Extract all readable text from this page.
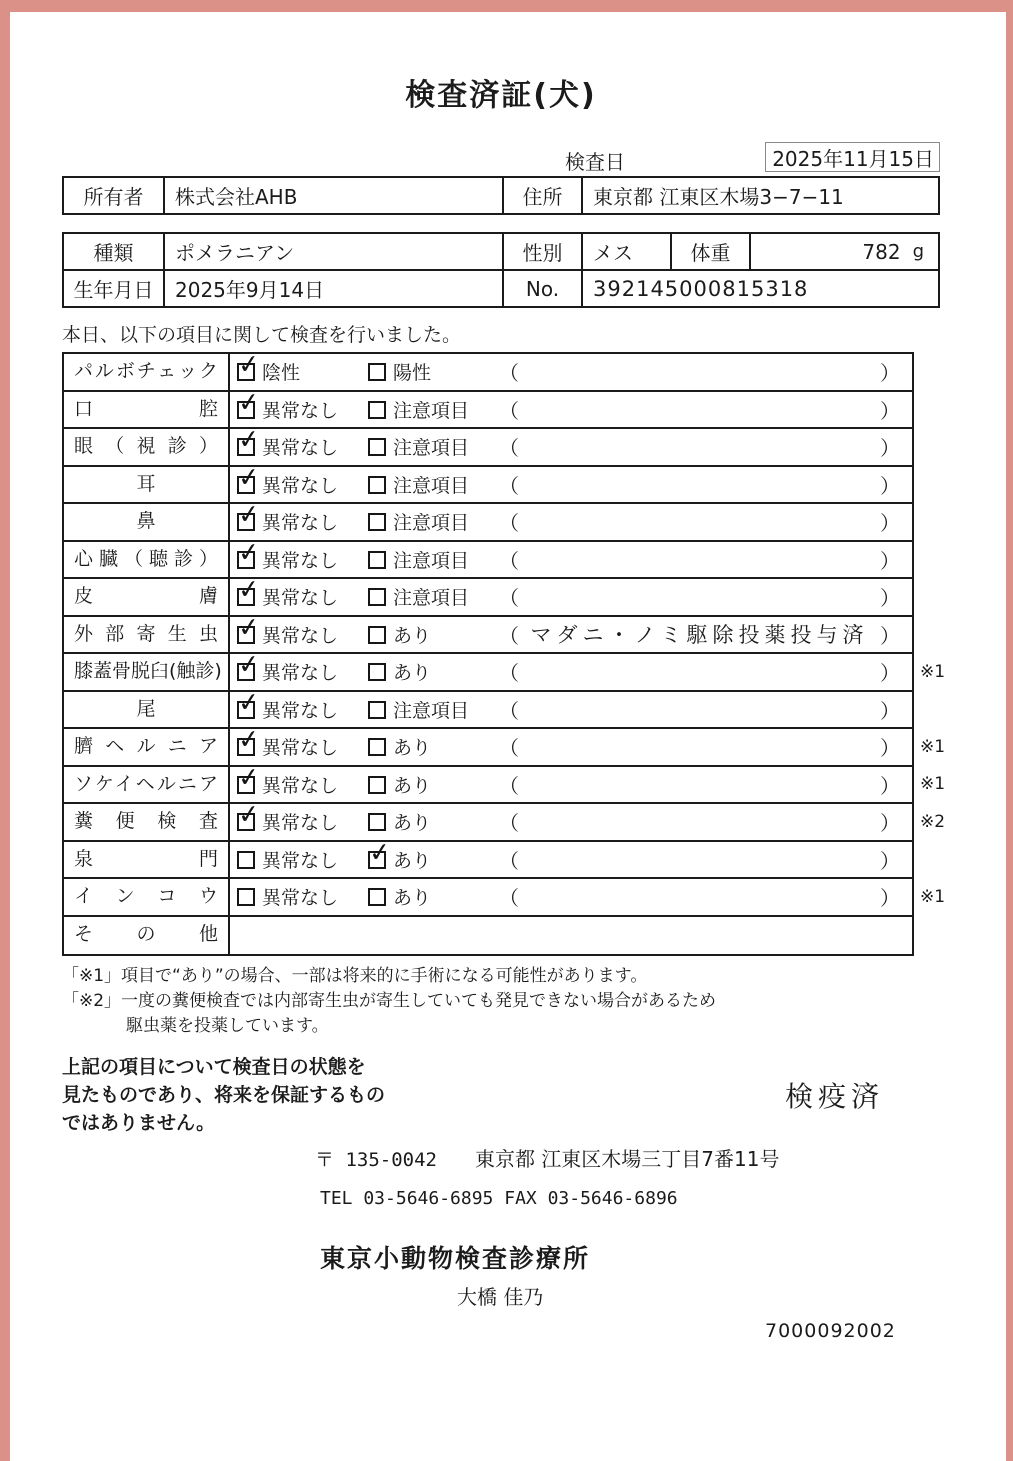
検査済証(犬)
検査日	2025年11月15日
所有者	株式会社AHB	住所	東京都 江東区木場3−7−11
種類	ポメラニアン	性別	メス	体重	782 g
生年月日	2025年9月14日	No.	392145000815318
本日、以下の項目に関して検査を行いました。
パルボチェック ✓	陰性	陽性	（	）
口腔 ✓	異常なし	注意項目 （	）
眼（視診） ✓	異常なし	注意項目 （	）
耳 ✓	異常なし	注意項目 （	）
鼻 ✓	異常なし	注意項目 （	）
心臓（聴診） ✓	異常なし	注意項目 （	）
皮膚 ✓	異常なし	注意項目 （	）
外部寄生虫 ✓	異常なし	あり	（ マダニ・ノミ駆除投薬投与済 ）
膝蓋骨脱臼(触診) ✓	異常なし	あり	（	）	※1
尾 ✓	異常なし	注意項目 （	）
臍ヘルニア ✓	異常なし	あり	（	）	※1
ソケイヘルニア ✓	異常なし	あり	（	）	※1
糞便検査 ✓	異常なし	あり	（	）	※2
泉門	異常なし ✓	あり	（	）
インコウ	異常なし	あり	（	）	※1
その他
「※1」項目で“あり”の場合、一部は将来的に手術になる可能性があります。
「※2」一度の糞便検査では内部寄生虫が寄生していても発見できない場合があるため
駆虫薬を投薬しています。
上記の項目について検査日の状態を
見たものであり、将来を保証するもの
ではありません。
検疫済
〒 135-0042 東京都 江東区木場三丁目7番11号
TEL 03-5646-6895 FAX 03-5646-6896
東京小動物検査診療所
大橋 佳乃
7000092002
